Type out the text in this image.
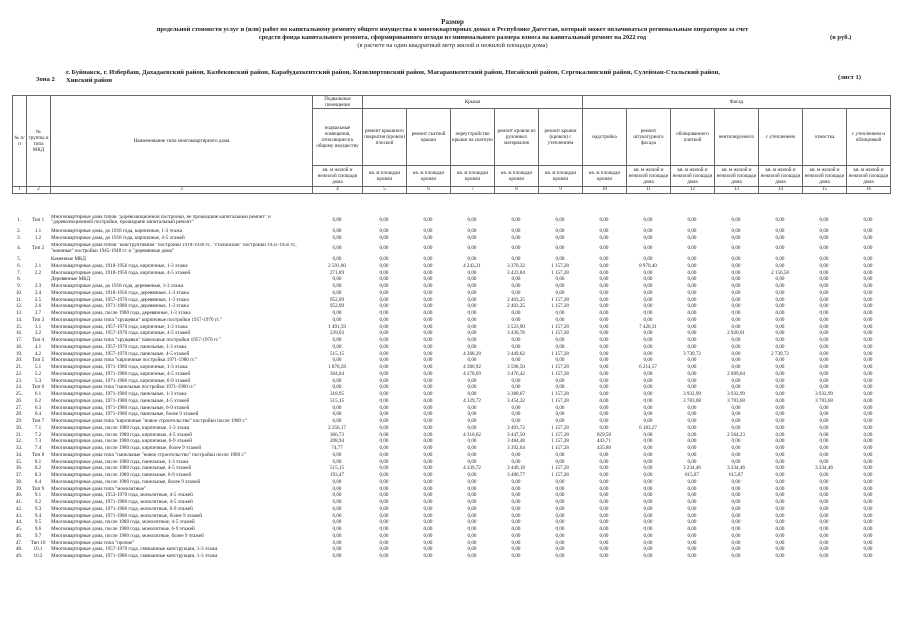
Размер
предельной стоимости услуг и (или) работ по капитальному ремонту общего имущества в многоквартирных домах в Республике Дагестан, который может оплачиваться региональным оператором за счет
средств фонда капитального ремонта, сформированного исходя из минимального размера взноса на капитальный ремонт на 2022 год
(в расчете на один квадратный метр жилой и нежилой площади дома)
(в руб.)
Зона 2
г. Буйнакск, г. Избербаш, Дахадаевский район, Казбековский район, Карабудахкентский район, Кизилюртовский район, Магарамкентский район, Ногайский район, Сергокалинский район, Сулейман-Стальский район, Хивский район	(лист 1)
№ п/п	№ группы и типа МКД	Наименование типа многоквартирного дома	Подвальные помещения	Крыша					Фасад						
			подвальные помещения, относящиеся к общему имуществу	ремонт крышного покрытия (кровли) плоской	ремонт скатной крыши	переустройство крыши на скатную	ремонт кровли из рулонных материалов	ремонт крыши (кровли) с утеплением	надстройка	ремонт штукатурного фасада	облицованного плиткой	вентилируемого	с утеплением	отмостка	с утеплением и облицовкой
			кв. м жилой и нежилой площади дома	кв. м площади кровли	кв. м площади кровли	кв. м площади кровли	кв. м площади кровли	кв. м площади кровли	кв. м площади кровли	кв. м жилой и нежилой площади дома	кв. м жилой и нежилой площади дома	кв. м жилой и нежилой площади дома	кв. м жилой и нежилой площади дома	кв. м жилой и нежилой площади дома	кв. м жилой и нежилой площади дома
1	2	3	4	5	6	7	8	9	10	11	12	13	14	15	16
1.	Тип 1	Многоквартирные дома типов "дореволюционной постройки, не прошедшие капитальный ремонт" и "дореволюционной постройки, прошедшие капитальный ремонт"	0,00	0,00	0,00	0,00	0,00	0,00	0,00	0,00	0,00	0,00	0,00	0,00	0,00

2.	1.1	Многоквартирные дома, до 1918 года, кирпичные, 1-3 этажа	0,00	0,00	0,00	0,00	0,00	0,00	0,00	0,00	0,00	0,00	0,00	0,00	0,00
3.	1.2	Многоквартирные дома, до 1918 года, кирпичные, 4-5 этажей	0,00	0,00	0,00	0,00	0,00	0,00	0,00	0,00	0,00	0,00	0,00	0,00	0,00

4.	Тип 2	Многоквартирные дома типов "конструктивизм" постройки 1918-1930 гг., "сталинские" постройки 1931-1956 гг., "военные" постройки 1945-1948 гг. и "деревянные дома"	0,00	0,00	0,00	0,00	0,00	0,00	0,00	0,00	0,00	0,00	0,00	0,00	0,00

5.		Каменные МКД	0,00	0,00	0,00	0,00	0,00	0,00	0,00	0,00	0,00	0,00	0,00	0,00	0,00
6.	2.1	Многоквартирные дома, 1918-1956 года, кирпичные, 1-3 этажа	2 591,80	0,00	0,00	4 243,21	3 370,32	1 157,28	0,00	8 970,40	0,00	0,00	0,00	0,00	0,00
7.	2.2	Многоквартирные дома, 1918-1956 года, кирпичные, 4-5 этажей	271,89	0,00	0,00	0,00	3 423,84	1 157,28	0,00	0,00	0,00	0,00	2 156,58	0,00	0,00
8.		Деревянные МКД	0,00	0,00	0,00	0,00	0,00	0,00	0,00	0,00	0,00	0,00	0,00	0,00	0,00
9.	2.3	Многоквартирные дома, до 1918 года, деревянные, 1-3 этажа	0,00	0,00	0,00	0,00	0,00	0,00	0,00	0,00	0,00	0,00	0,00	0,00	0,00
10.	2.4	Многоквартирные дома, 1918-1956 года, деревянные, 1-3 этажа	0,00	0,00	0,00	0,00	0,00	0,00	0,00	0,00	0,00	0,00	0,00	0,00	0,00
11.	2.5	Многоквартирные дома, 1957-1970 года, деревянные, 1-3 этажа	952,09	0,00	0,00	0,00	2 403,25	1 157,28	0,00	0,00	0,00	0,00	0,00	0,00	0,00
12.	2.6	Многоквартирные дома, 1971-1980 года, деревянные, 1-3 этажа	952,09	0,00	0,00	0,00	2 403,25	1 157,28	0,00	0,00	0,00	0,00	0,00	0,00	0,00
13.	2.7	Многоквартирные дома, после 1980 года, деревянные, 1-3 этажа	0,00	0,00	0,00	0,00	0,00	0,00	0,00	0,00	0,00	0,00	0,00	0,00	0,00
14.	Тип 3	Многоквартирные дома типа "хрущевки" кирпичные постройки 1957-1970 гг."	0,00	0,00	0,00	0,00	0,00	0,00	0,00	0,00	0,00	0,00	0,00	0,00	0,00
15.	3.1	Многоквартирные дома, 1957-1970 года, кирпичные, 1-3 этажа	1 491,59	0,00	0,00	0,00	3 523,90	1 157,28	0,00	7 420,31	0,00	0,00	0,00	0,00	0,00
16.	3.2	Многоквартирные дома, 1957-1970 года, кирпичные, 4-5 этажей	339,03	0,00	0,00	0,00	3 436,76	1 157,28	0,00	0,00	0,00	2 920,01	0,00	0,00	0,00
17.	Тип 4	Многоквартирные дома типа "хрущевки" панельные постройки 1957-1970 гг."	0,00	0,00	0,00	0,00	0,00	0,00	0,00	0,00	0,00	0,00	0,00	0,00	0,00
18.	4.1	Многоквартирные дома, 1957-1970 года, панельные, 1-3 этажа	0,00	0,00	0,00	0,00	0,00	0,00	0,00	0,00	0,00	0,00	0,00	0,00	0,00
19.	4.2	Многоквартирные дома, 1957-1970 года, панельные, 4-5 этажей	515,15	0,00	0,00	4 268,28	3 449,62	1 157,28	0,00	0,00	3 730,72	0,00	2 730,72	0,00	0,00
20.	Тип 5	Многоквартирные дома типа "кирпичные постройки 1971-1980 гг."	0,00	0,00	0,00	0,00	0,00	0,00	0,00	0,00	0,00	0,00	0,00	0,00	0,00
21.	5.1	Многоквартирные дома, 1971-1980 года, кирпичные, 1-3 этажа	1 870,28	0,00	0,00	4 386,92	3 598,50	1 157,28	0,00	6 214,57	0,00	0,00	0,00	0,00	0,00
22.	5.2	Многоквартирные дома, 1971-1980 года, кирпичные, 4-5 этажей	304,04	0,00	0,00	4 278,69	3 476,42	1 157,28	0,00	0,00	0,00	2 099,64	0,00	0,00	0,00
23.	5.3	Многоквартирные дома, 1971-1980 года, кирпичные, 6-9 этажей	0,00	0,00	0,00	0,00	0,00	0,00	0,00	0,00	0,00	0,00	0,00	0,00	0,00
24.	Тип 6	Многоквартирные дома типа "панельные постройки 1971-1980 гг."	0,00	0,00	0,00	0,00	0,00	0,00	0,00	0,00	0,00	0,00	0,00	0,00	0,00
25.	6.1	Многоквартирные дома, 1971-1980 года, панельные, 1-3 этажа	318,95	0,00	0,00	0,00	3 380,67	1 157,28	0,00	0,00	3 932,99	3 932,99	0,00	3 932,99	0,00
26.	6.2	Многоквартирные дома, 1971-1980 года, панельные, 4-5 этажей	515,15	0,00	0,00	4 329,72	3 454,32	1 157,28	0,00	0,00	3 783,68	3 783,68	0,00	3 783,68	0,00
27.	6.3	Многоквартирные дома, 1971-1980 года, панельные, 6-9 этажей	0,00	0,00	0,00	0,00	0,00	0,00	0,00	0,00	0,00	0,00	0,00	0,00	0,00
28.	6.4	Многоквартирные дома, 1971-1980 года, панельные, более 9 этажей	0,00	0,00	0,00	0,00	0,00	0,00	0,00	0,00	0,00	0,00	0,00	0,00	0,00
29.	Тип 7	Многоквартирные дома типа "кирпичные "новое строительство" постройки после 1980 г."	0,00	0,00	0,00	0,00	0,00	0,00	0,00	0,00	0,00	0,00	0,00	0,00	0,00
30.	7.1	Многоквартирные дома, после 1980 года, кирпичные, 1-3 этажа	2 356,17	0,00	0,00	0,00	3 493,72	1 157,28	0,00	6 183,27	0,00	0,00	0,00	0,00	0,00
31.	7.2	Многоквартирные дома, после 1980 года, кирпичные, 4-5 этажей	366,73	0,00	0,00	4 316,62	3 447,50	1 157,28	829,50	0,00	0,00	2 564,23	0,00	0,00	0,00
32.	7.3	Многоквартирные дома, после 1980 года, кирпичные, 6-9 этажей	208,94	0,00	0,00	0,00	3 484,48	1 157,28	443,71	0,00	0,00	0,00	0,00	0,00	0,00
33.	7.4	Многоквартирные дома, после 1980 года, кирпичные, более 9 этажей	74,77	0,00	0,00	0,00	3 392,64	1 157,28	435,80	0,00	0,00	0,00	0,00	0,00	0,00
34.	Тип 8	Многоквартирные дома типа "панельные "новое строительство" постройки после 1980 г."	0,00	0,00	0,00	0,00	0,00	0,00	0,00	0,00	0,00	0,00	0,00	0,00	0,00
35.	8.1	Многоквартирные дома, после 1980 года, панельные, 1-3 этажа	0,00	0,00	0,00	0,00	0,00	0,00	0,00	0,00	0,00	0,00	0,00	0,00	0,00
36.	8.2	Многоквартирные дома, после 1980 года, панельные, 4-5 этажей	515,15	0,00	0,00	4 339,72	3 449,18	1 157,28	0,00	0,00	3 234,46	3 234,46	0,00	3 234,46	0,00
37.	8.3	Многоквартирные дома, после 1980 года, панельные, 6-9 этажей	193,47	0,00	0,00	0,00	3 480,77	1 157,28	0,00	0,00	615,87	615,87	0,00	0,00	0,00
38.	8.4	Многоквартирные дома, после 1980 года, панельные, более 9 этажей	0,00	0,00	0,00	0,00	0,00	0,00	0,00	0,00	0,00	0,00	0,00	0,00	0,00
39.	Тип 9	Многоквартирные дома типа "монолитные"	0,00	0,00	0,00	0,00	0,00	0,00	0,00	0,00	0,00	0,00	0,00	0,00	0,00
40.	9.1	Многоквартирные дома, 1953-1970 года, монолитные, 4-5 этажей	0,00	0,00	0,00	0,00	0,00	0,00	0,00	0,00	0,00	0,00	0,00	0,00	0,00
41.	9.2	Многоквартирные дома, 1971-1980 года, монолитные, 4-5 этажей	0,00	0,00	0,00	0,00	0,00	0,00	0,00	0,00	0,00	0,00	0,00	0,00	0,00
42.	9.3	Многоквартирные дома, 1971-1980 года, монолитные, 6-9 этажей	0,00	0,00	0,00	0,00	0,00	0,00	0,00	0,00	0,00	0,00	0,00	0,00	0,00
43.	9.4	Многоквартирные дома, 1971-1980 года, монолитные, более 9 этажей	0,00	0,00	0,00	0,00	0,00	0,00	0,00	0,00	0,00	0,00	0,00	0,00	0,00
44.	9.5	Многоквартирные дома, после 1980 года, монолитные, 4-5 этажей	0,00	0,00	0,00	0,00	0,00	0,00	0,00	0,00	0,00	0,00	0,00	0,00	0,00
45.	9.6	Многоквартирные дома, после 1980 года, монолитные, 6-9 этажей	0,00	0,00	0,00	0,00	0,00	0,00	0,00	0,00	0,00	0,00	0,00	0,00	0,00
46.	9.7	Многоквартирные дома, после 1980 года, монолитные, более 9 этажей	0,00	0,00	0,00	0,00	0,00	0,00	0,00	0,00	0,00	0,00	0,00	0,00	0,00
47.	Тип 10	Многоквартирные дома типа "прочие"	0,00	0,00	0,00	0,00	0,00	0,00	0,00	0,00	0,00	0,00	0,00	0,00	0,00
48.	10.1	Многоквартирные дома, 1957-1970 года, смешанные конструкции, 1-3 этажа	0,00	0,00	0,00	0,00	0,00	0,00	0,00	0,00	0,00	0,00	0,00	0,00	0,00
49.	10.2	Многоквартирные дома, 1971-1980 года, смешанные конструкции, 1-3 этажа	0,00	0,00	0,00	0,00	0,00	0,00	0,00	0,00	0,00	0,00	0,00	0,00	0,00
